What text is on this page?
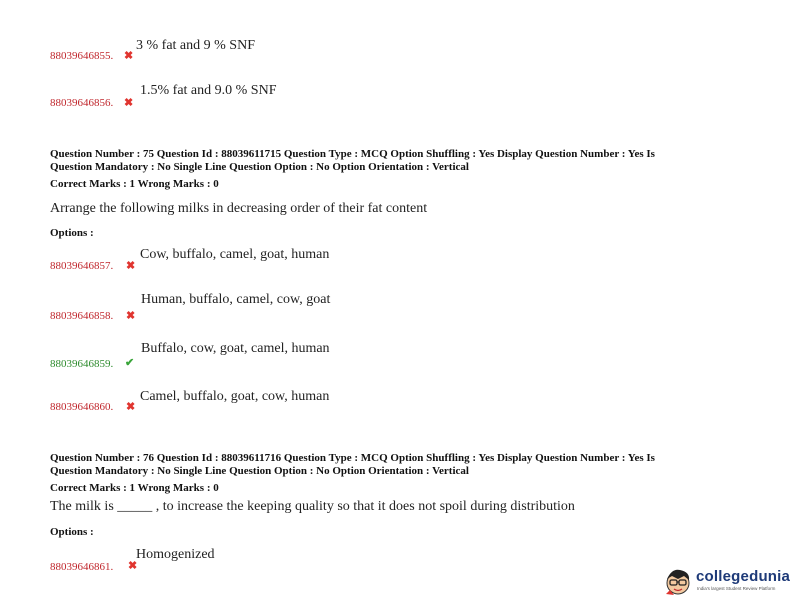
88039646855. ✖
3 % fat and 9 % SNF
88039646856. ✖
1.5% fat and 9.0 % SNF
Question Number : 75 Question Id : 88039611715 Question Type : MCQ Option Shuffling : Yes Display Question Number : Yes Is
Question Mandatory : No Single Line Question Option : No Option Orientation : Vertical
Correct Marks : 1 Wrong Marks : 0
Arrange the following milks in decreasing order of their fat content
Options :
88039646857. ✖
Cow, buffalo, camel, goat, human
88039646858. ✖
Human, buffalo, camel, cow, goat
88039646859. ✔
Buffalo, cow, goat, camel, human
88039646860. ✖
Camel, buffalo, goat, cow, human
Question Number : 76 Question Id : 88039611716 Question Type : MCQ Option Shuffling : Yes Display Question Number : Yes Is
Question Mandatory : No Single Line Question Option : No Option Orientation : Vertical
Correct Marks : 1 Wrong Marks : 0
The milk is _____ , to increase the keeping quality so that it does not spoil during distribution
Options :
88039646861. ✖
Homogenized
collegedunia
India's largest Student Review Platform
